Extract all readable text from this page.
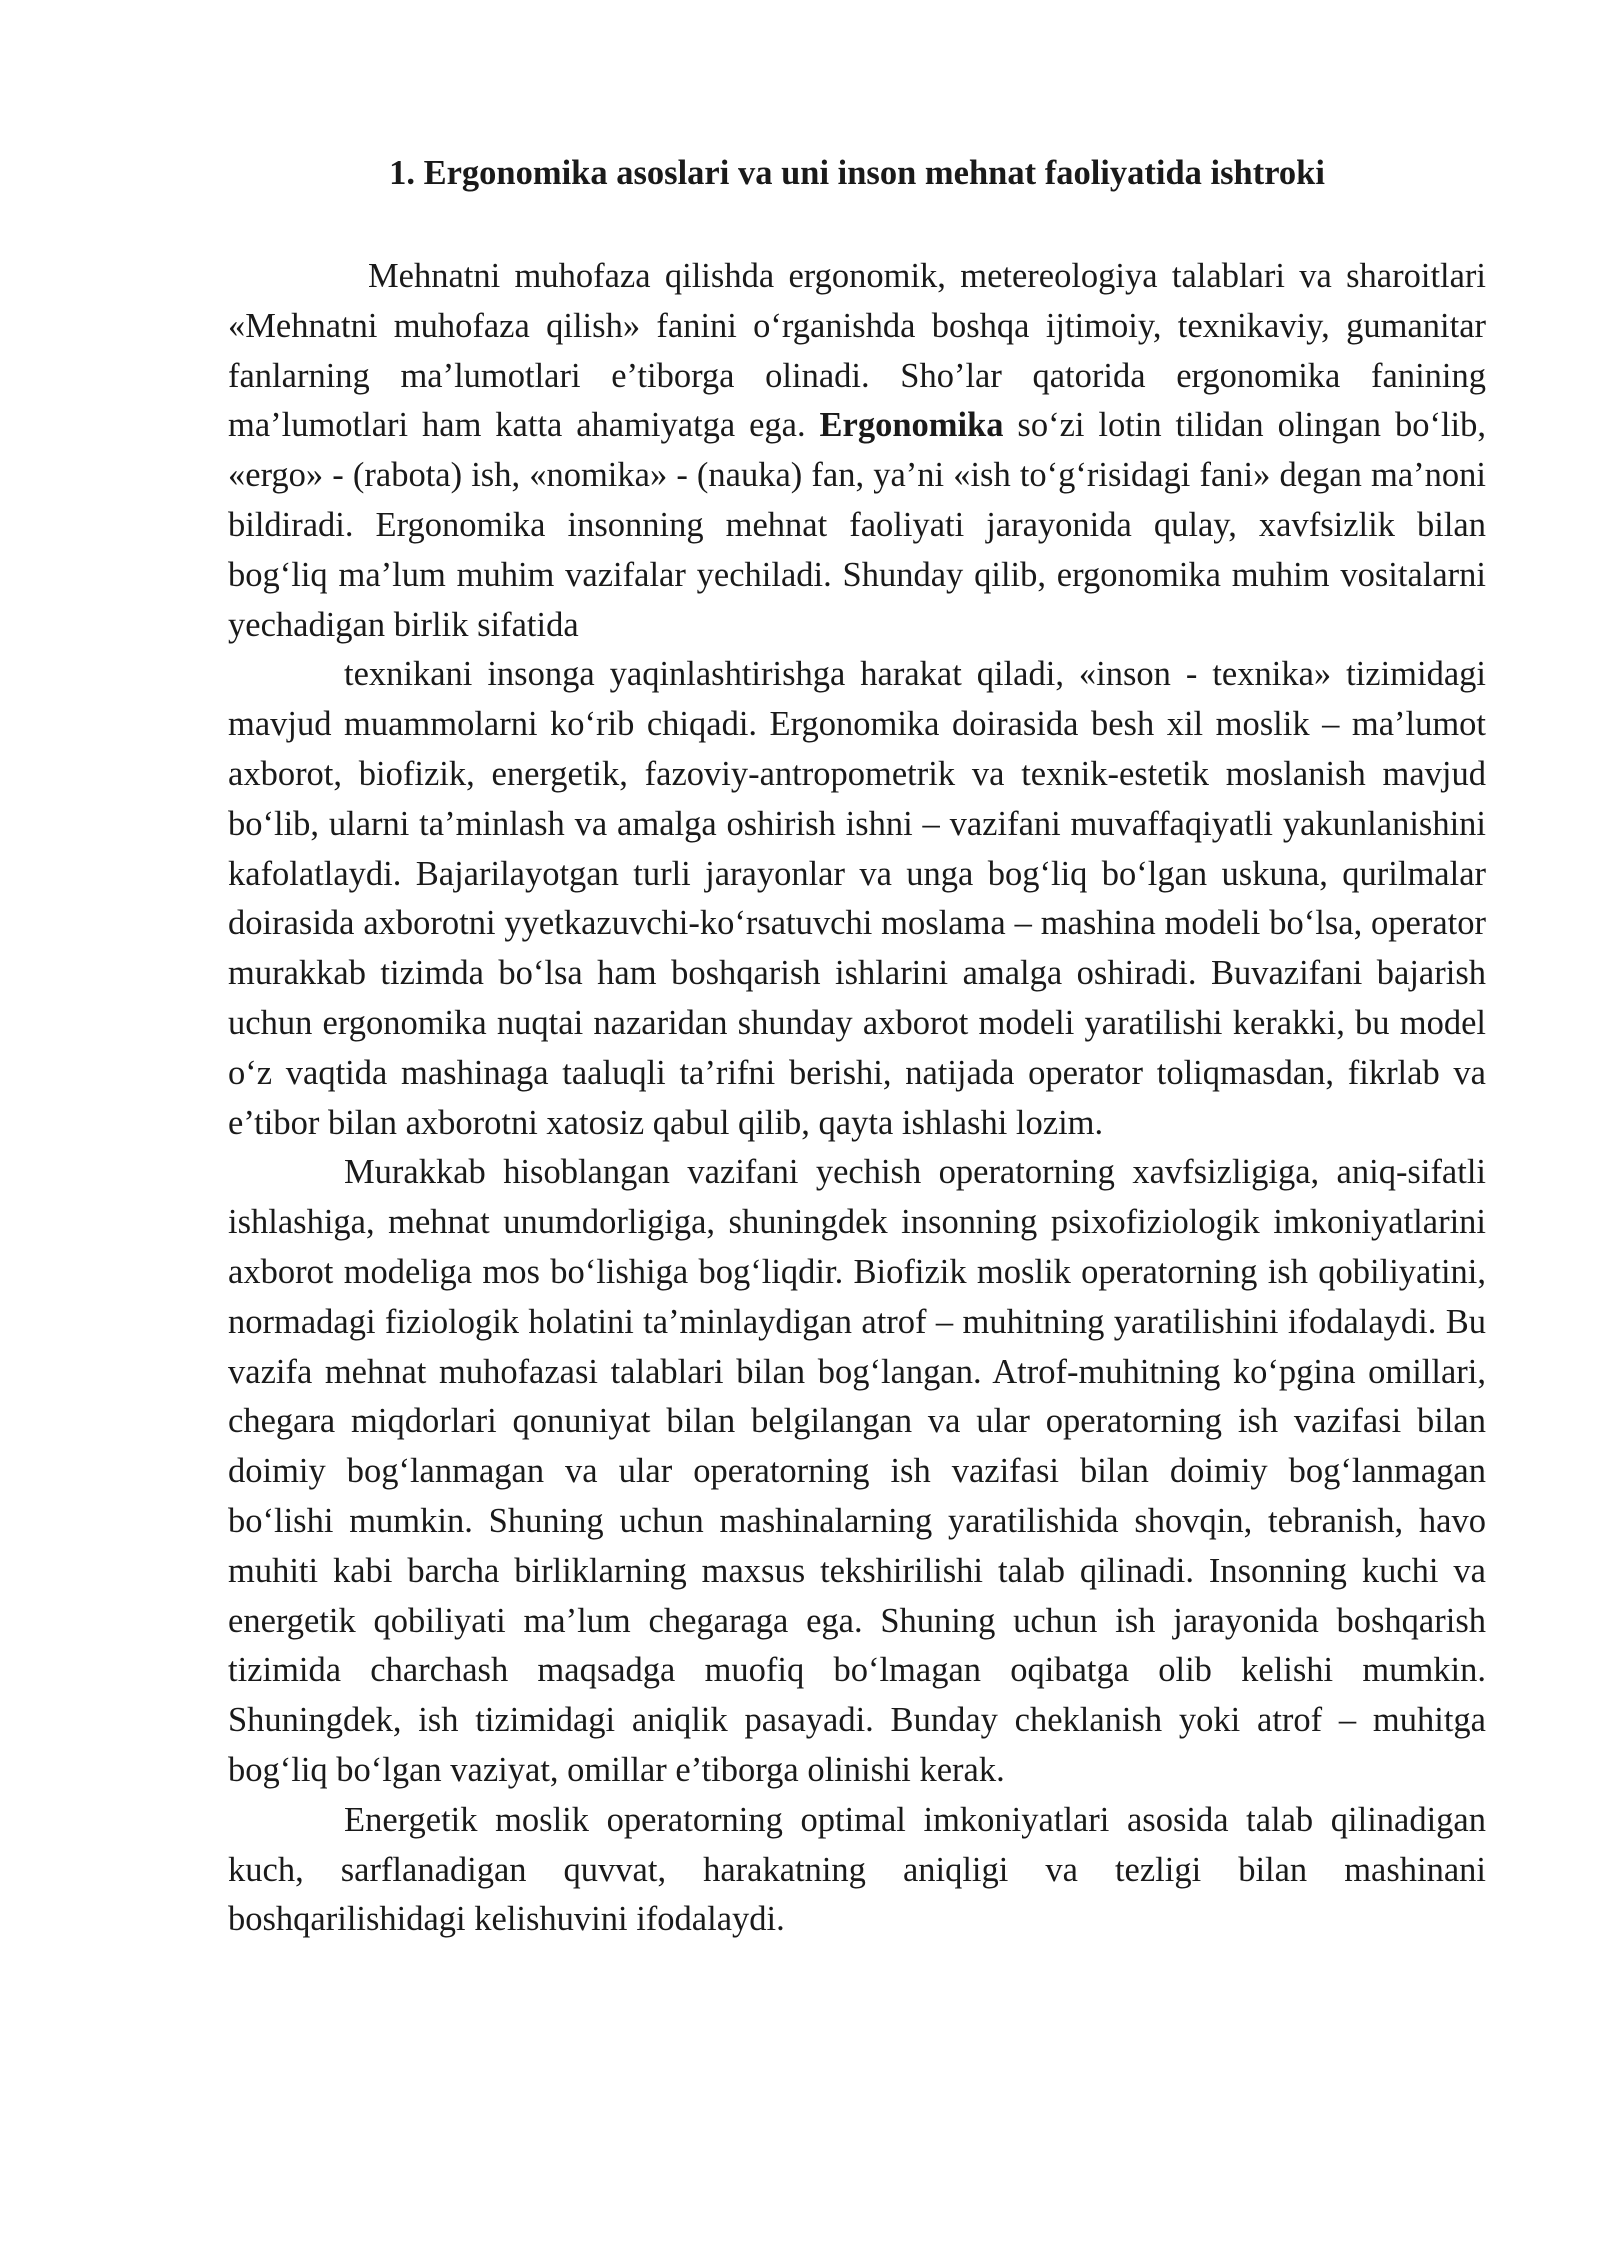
1. Ergonomika asoslari va uni inson mehnat faoliyatida ishtroki

Mehnatni muhofaza qilishda ergonomik, metereologiya talablari va sharoitlari «Mehnatni muhofaza qilish» fanini o‘rganishda boshqa ijtimoiy, texnikaviy, gumanitar fanlarning ma’lumotlari e’tiborga olinadi. Sho’lar qatorida ergonomika fanining ma’lumotlari ham katta ahamiyatga ega. Ergonomika so‘zi lotin tilidan olingan bo‘lib, «ergo» - (rabota) ish, «nomika» - (nauka) fan, ya’ni «ish to‘g‘risidagi fani» degan ma’noni bildiradi. Ergonomika insonning mehnat faoliyati jarayonida qulay, xavfsizlik bilan bog‘liq ma’lum muhim vazifalar yechiladi. Shunday qilib, ergonomika muhim vositalarni yechadigan birlik sifatida

texnikani insonga yaqinlashtirishga harakat qiladi, «inson - texnika» tizimidagi mavjud muammolarni ko‘rib chiqadi. Ergonomika doirasida besh xil moslik – ma’lumot axborot, biofizik, energetik, fazoviy-antropometrik va texnik-estetik moslanish mavjud bo‘lib, ularni ta’minlash va amalga oshirish ishni – vazifani muvaffaqiyatli yakunlanishini kafolatlaydi. Bajarilayotgan turli jarayonlar va unga bog‘liq bo‘lgan uskuna, qurilmalar doirasida axborotni yyetkazuvchi-ko‘rsatuvchi moslama – mashina modeli bo‘lsa, operator murakkab tizimda bo‘lsa ham boshqarish ishlarini amalga oshiradi. Buvazifani bajarish uchun ergonomika nuqtai nazaridan shunday axborot modeli yaratilishi kerakki, bu model o‘z vaqtida mashinaga taaluqli ta’rifni berishi, natijada operator toliqmasdan, fikrlab va e’tibor bilan axborotni xatosiz qabul qilib, qayta ishlashi lozim.

Murakkab hisoblangan vazifani yechish operatorning xavfsizligiga, aniq-sifatli ishlashiga, mehnat unumdorligiga, shuningdek insonning psixofiziologik imkoniyatlarini axborot modeliga mos bo‘lishiga bog‘liqdir. Biofizik moslik operatorning ish qobiliyatini, normadagi fiziologik holatini ta’minlaydigan atrof – muhitning yaratilishini ifodalaydi. Bu vazifa mehnat muhofazasi talablari bilan bog‘langan. Atrof-muhitning ko‘pgina omillari, chegara miqdorlari qonuniyat bilan belgilangan va ular operatorning ish vazifasi bilan doimiy bog‘lanmagan va ular operatorning ish vazifasi bilan doimiy bog‘lanmagan bo‘lishi mumkin. Shuning uchun mashinalarning yaratilishida shovqin, tebranish, havo muhiti kabi barcha birliklarning maxsus tekshirilishi talab qilinadi. Insonning kuchi va energetik qobiliyati ma’lum chegaraga ega. Shuning uchun ish jarayonida boshqarish tizimida charchash maqsadga muofiq bo‘lmagan oqibatga olib kelishi mumkin. Shuningdek, ish tizimidagi aniqlik pasayadi. Bunday cheklanish yoki atrof – muhitga bog‘liq bo‘lgan vaziyat, omillar e’tiborga olinishi kerak.

Energetik moslik operatorning optimal imkoniyatlari asosida talab qilinadigan kuch, sarflanadigan quvvat, harakatning aniqligi va tezligi bilan mashinani boshqarilishidagi kelishuvini ifodalaydi.
